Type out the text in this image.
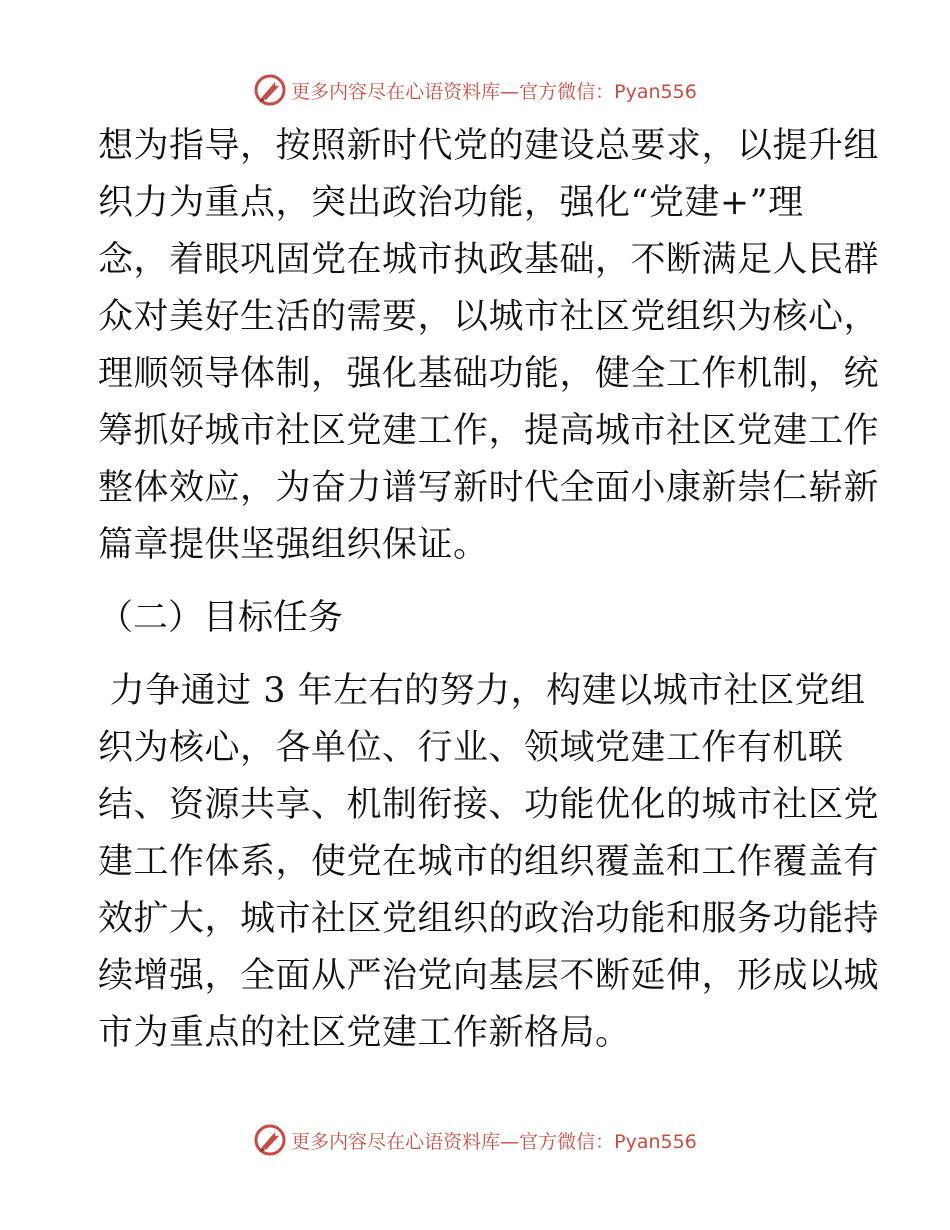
更多内容尽在心语资料库—官方微信：Pyan556
想为指导，按照新时代党的建设总要求，以提升组
织力为重点，突出政治功能，强化“党建+”理
念，着眼巩固党在城市执政基础，不断满足人民群
众对美好生活的需要，以城市社区党组织为核心，
理顺领导体制，强化基础功能，健全工作机制，统
筹抓好城市社区党建工作，提高城市社区党建工作
整体效应，为奋力谱写新时代全面小康新崇仁崭新
篇章提供坚强组织保证。
（二）目标任务
力争通过 3 年左右的努力，构建以城市社区党组
织为核心，各单位、行业、领域党建工作有机联
结、资源共享、机制衔接、功能优化的城市社区党
建工作体系，使党在城市的组织覆盖和工作覆盖有
效扩大，城市社区党组织的政治功能和服务功能持
续增强，全面从严治党向基层不断延伸，形成以城
市为重点的社区党建工作新格局。
更多内容尽在心语资料库—官方微信：Pyan556
